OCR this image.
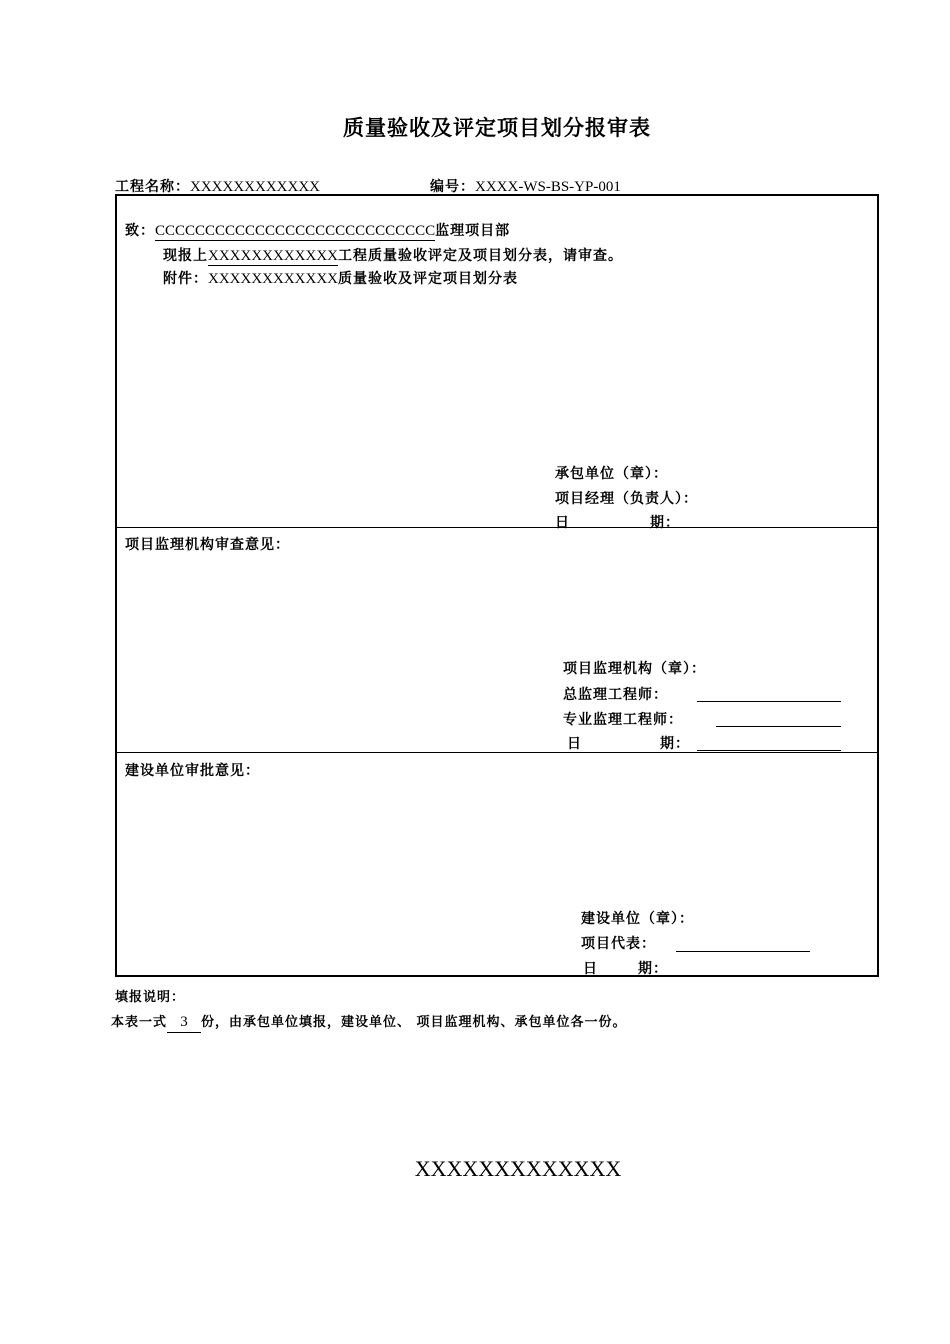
质量验收及评定项目划分报审表
工程名称：XXXXXXXXXXXX	编号：XXXX-WS-BS-YP-001
致：CCCCCCCCCCCCCCCCCCCCCCCCCCCC监理项目部
现报上XXXXXXXXXXXX工程质量验收评定及项目划分表，请审查。
附件：XXXXXXXXXXXX质量验收及评定项目划分表
承包单位（章）：
项目经理（负责人）：
日	期：
项目监理机构审查意见：
项目监理机构（章）：
总监理工程师：
专业监理工程师：
日	期：
建设单位审批意见：
建设单位（章）：
项目代表：
日	期：
填报说明：
本表一式 3 份，由承包单位填报，建设单位、 项目监理机构、承包单位各一份。
XXXXXXXXXXXXX
